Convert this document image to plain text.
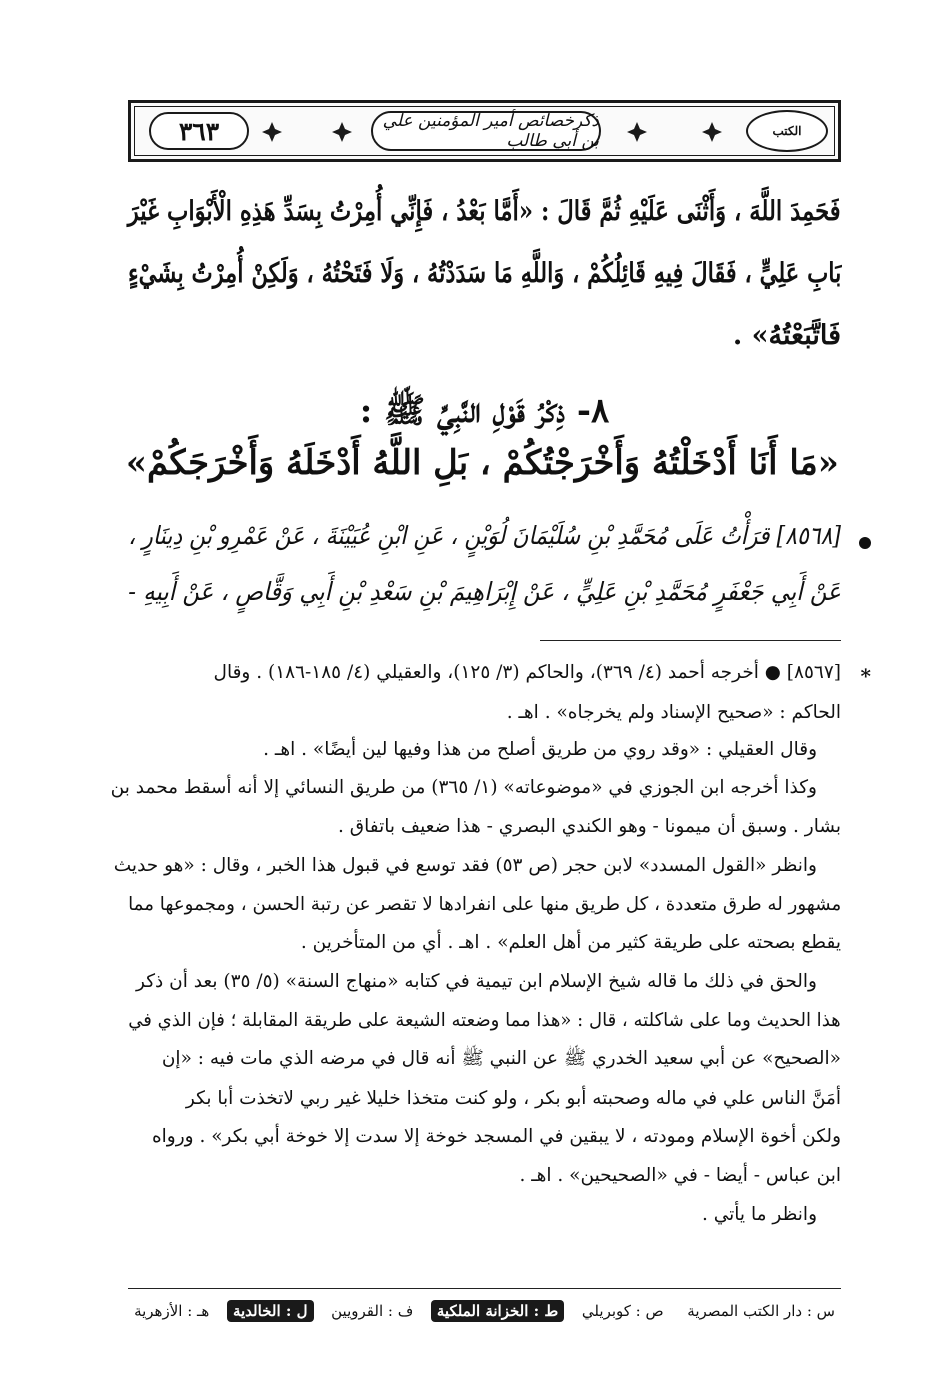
٣٦٣	ذكرخصائص أمير المؤمنين علي بن أبي طالب	الكتب
فَحَمِدَ اللَّهَ ، وَأَثْنَى عَلَيْهِ ثُمَّ قَالَ : «أَمَّا بَعْدُ ، فَإِنِّي أُمِرْتُ بِسَدِّ هَذِهِ الْأَبْوَابِ غَيْرَ
بَابِ عَلِيٍّ ، فَقَالَ فِيهِ قَائِلُكُمْ ، وَاللَّهِ مَا سَدَدْتُهُ ، وَلَا فَتَحْتُهُ ، وَلَكِنْ أُمِرْتُ بِشَيْءٍ
فَاتَّبَعْتُهُ» .
٨- ذِكْرُ قَوْلِ النَّبِيِّ ﷺ :
«مَا أَنَا أَدْخَلْتُهُ وَأَخْرَجْتُكُمْ ، بَلِ اللَّهُ أَدْخَلَهُ وَأَخْرَجَكُمْ»
[٨٥٦٨] قرَأْتُ عَلَى مُحَمَّدِ بْنِ سُلَيْمَانَ لُوَيْنٍ ، عَنِ ابْنِ عُيَيْنَةَ ، عَنْ عَمْرِو بْنِ دِينَارٍ ،
عَنْ أَبِي جَعْفَرٍ مُحَمَّدِ بْنِ عَلِيٍّ ، عَنْ إِبْرَاهِيمَ بْنِ سَعْدِ بْنِ أَبِي وَقَّاصٍ ، عَنْ أَبِيهِ -
*
[٨٥٦٧] ● أخرجه أحمد (٤/ ٣٦٩)، والحاكم (٣/ ١٢٥)، والعقيلي (٤/ ١٨٥-١٨٦) . وقال
الحاكم : «صحيح الإسناد ولم يخرجاه» . اهـ .
وقال العقيلي : «وقد روي من طريق أصلح من هذا وفيها لين أيضًا» . اهـ .
وكذا أخرجه ابن الجوزي في «موضوعاته» (١/ ٣٦٥) من طريق النسائي إلا أنه أسقط محمد بن
بشار . وسبق أن ميمونا - وهو الكندي البصري - هذا ضعيف باتفاق .
وانظر «القول المسدد» لابن حجر (ص ٥٣) فقد توسع في قبول هذا الخبر ، وقال : «هو حديث
مشهور له طرق متعددة ، كل طريق منها على انفرادها لا تقصر عن رتبة الحسن ، ومجموعها مما
يقطع بصحته على طريقة كثير من أهل العلم» . اهـ . أي من المتأخرين .
والحق في ذلك ما قاله شيخ الإسلام ابن تيمية في كتابه «منهاج السنة» (٥/ ٣٥) بعد أن ذكر
هذا الحديث وما على شاكلته ، قال : «هذا مما وضعته الشيعة على طريقة المقابلة ؛ فإن الذي في
«الصحيح» عن أبي سعيد الخدري ﷺ عن النبي ﷺ أنه قال في مرضه الذي مات فيه : «إن
أمَنَّ الناس علي في ماله وصحبته أبو بكر ، ولو كنت متخذا خليلا غير ربي لاتخذت أبا بكر
ولكن أخوة الإسلام ومودته ، لا يبقين في المسجد خوخة إلا سدت إلا خوخة أبي بكر» . ورواه
ابن عباس - أيضا - في «الصحيحين» . اهـ .
وانظر ما يأتي .
س : دار الكتب المصرية
ص : كوبريلي
ط : الخزانة الملكية
ف : القرويين
ل : الخالدية
هـ : الأزهرية
